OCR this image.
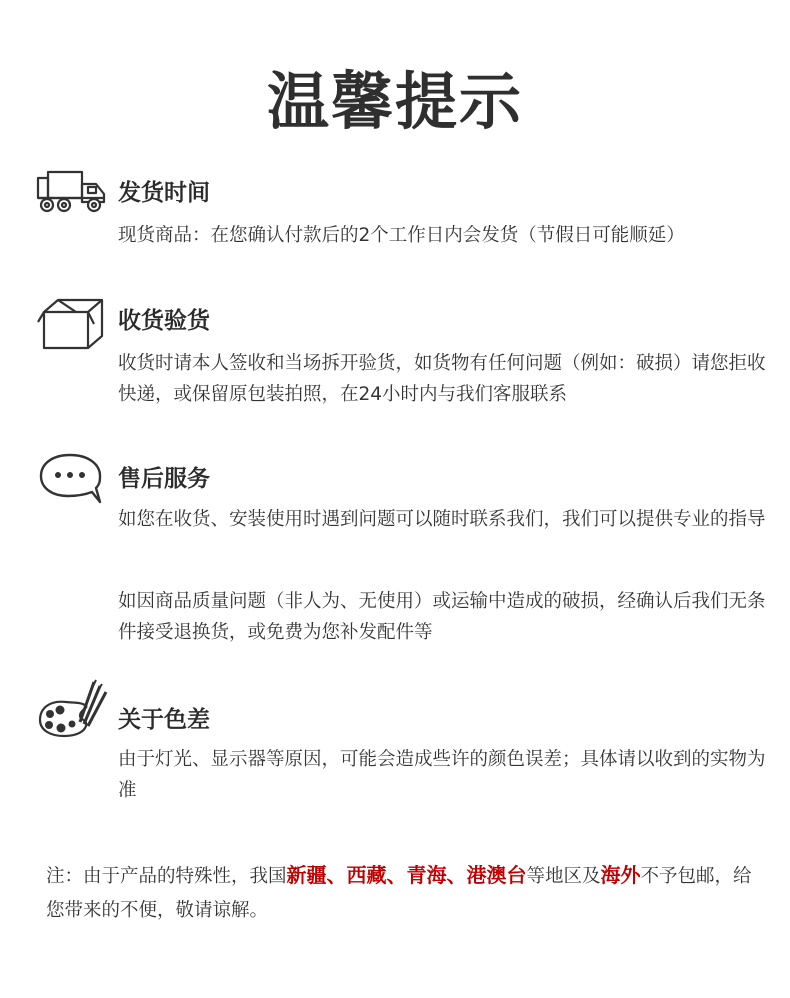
温馨提示
发货时间
现货商品：在您确认付款后的2个工作日内会发货（节假日可能顺延）
收货验货
收货时请本人签收和当场拆开验货，如货物有任何问题（例如：破损）请您拒收快递，或保留原包装拍照，在24小时内与我们客服联系
售后服务
如您在收货、安装使用时遇到问题可以随时联系我们，我们可以提供专业的指导
如因商品质量问题（非人为、无使用）或运输中造成的破损，经确认后我们无条件接受退换货，或免费为您补发配件等
关于色差
由于灯光、显示器等原因，可能会造成些许的颜色误差；具体请以收到的实物为准
注：由于产品的特殊性，我国新疆、西藏、青海、港澳台等地区及海外不予包邮，给您带来的不便，敬请谅解。
